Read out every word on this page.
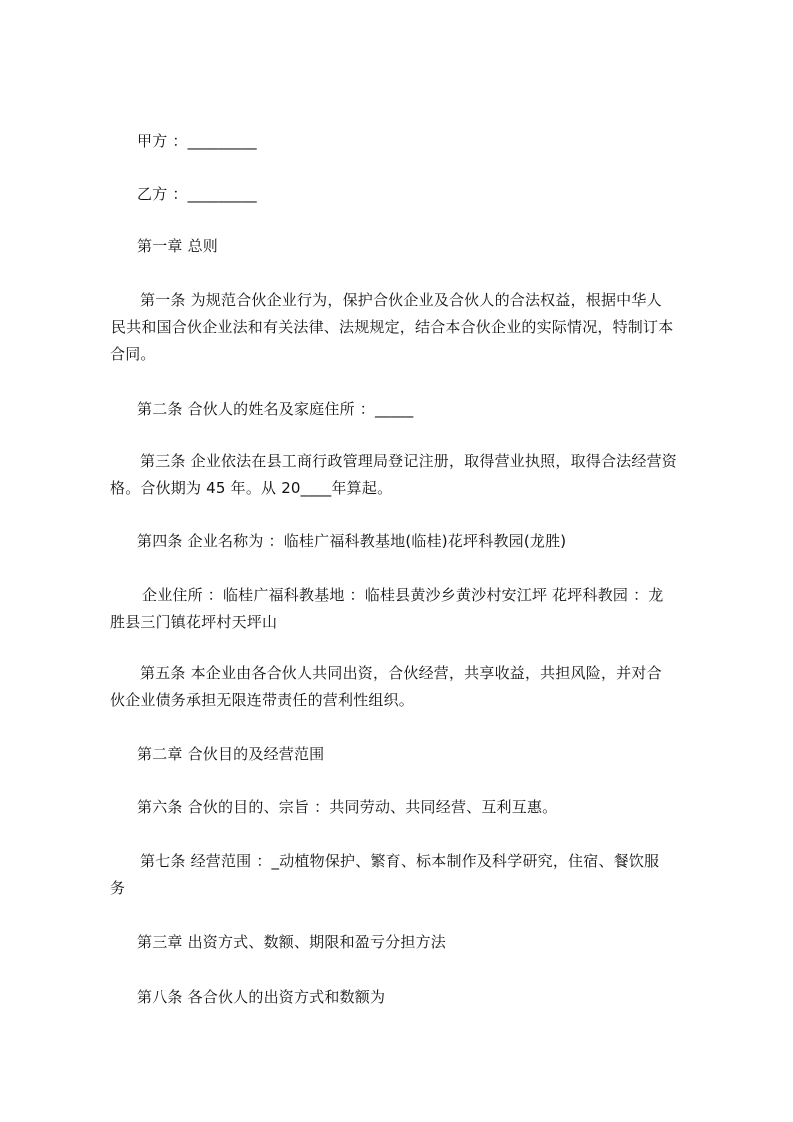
甲方 ：_________
乙方 ：_________
第一章 总则
第一条 为规范合伙企业行为，保护合伙企业及合伙人的合法权益，根据中华人
民共和国合伙企业法和有关法律、法规规定，结合本合伙企业的实际情况，特制订本
合同。
第二条 合伙人的姓名及家庭住所 ：_____
第三条 企业依法在县工商行政管理局登记注册，取得营业执照，取得合法经营资
格。合伙期为 45 年。从 20____年算起。
第四条 企业名称为 ：临桂广福科教基地(临桂)花坪科教园(龙胜)
企业住所 ：临桂广福科教基地 ：临桂县黄沙乡黄沙村安江坪 花坪科教园 ：龙
胜县三门镇花坪村天坪山
第五条 本企业由各合伙人共同出资，合伙经营，共享收益，共担风险，并对合
伙企业债务承担无限连带责任的营利性组织。
第二章 合伙目的及经营范围
第六条 合伙的目的、宗旨 ：共同劳动、共同经营、互利互惠。
第七条 经营范围 ：_动植物保护、繁育、标本制作及科学研究，住宿、餐饮服
务
第三章 出资方式、数额、期限和盈亏分担方法
第八条 各合伙人的出资方式和数额为
